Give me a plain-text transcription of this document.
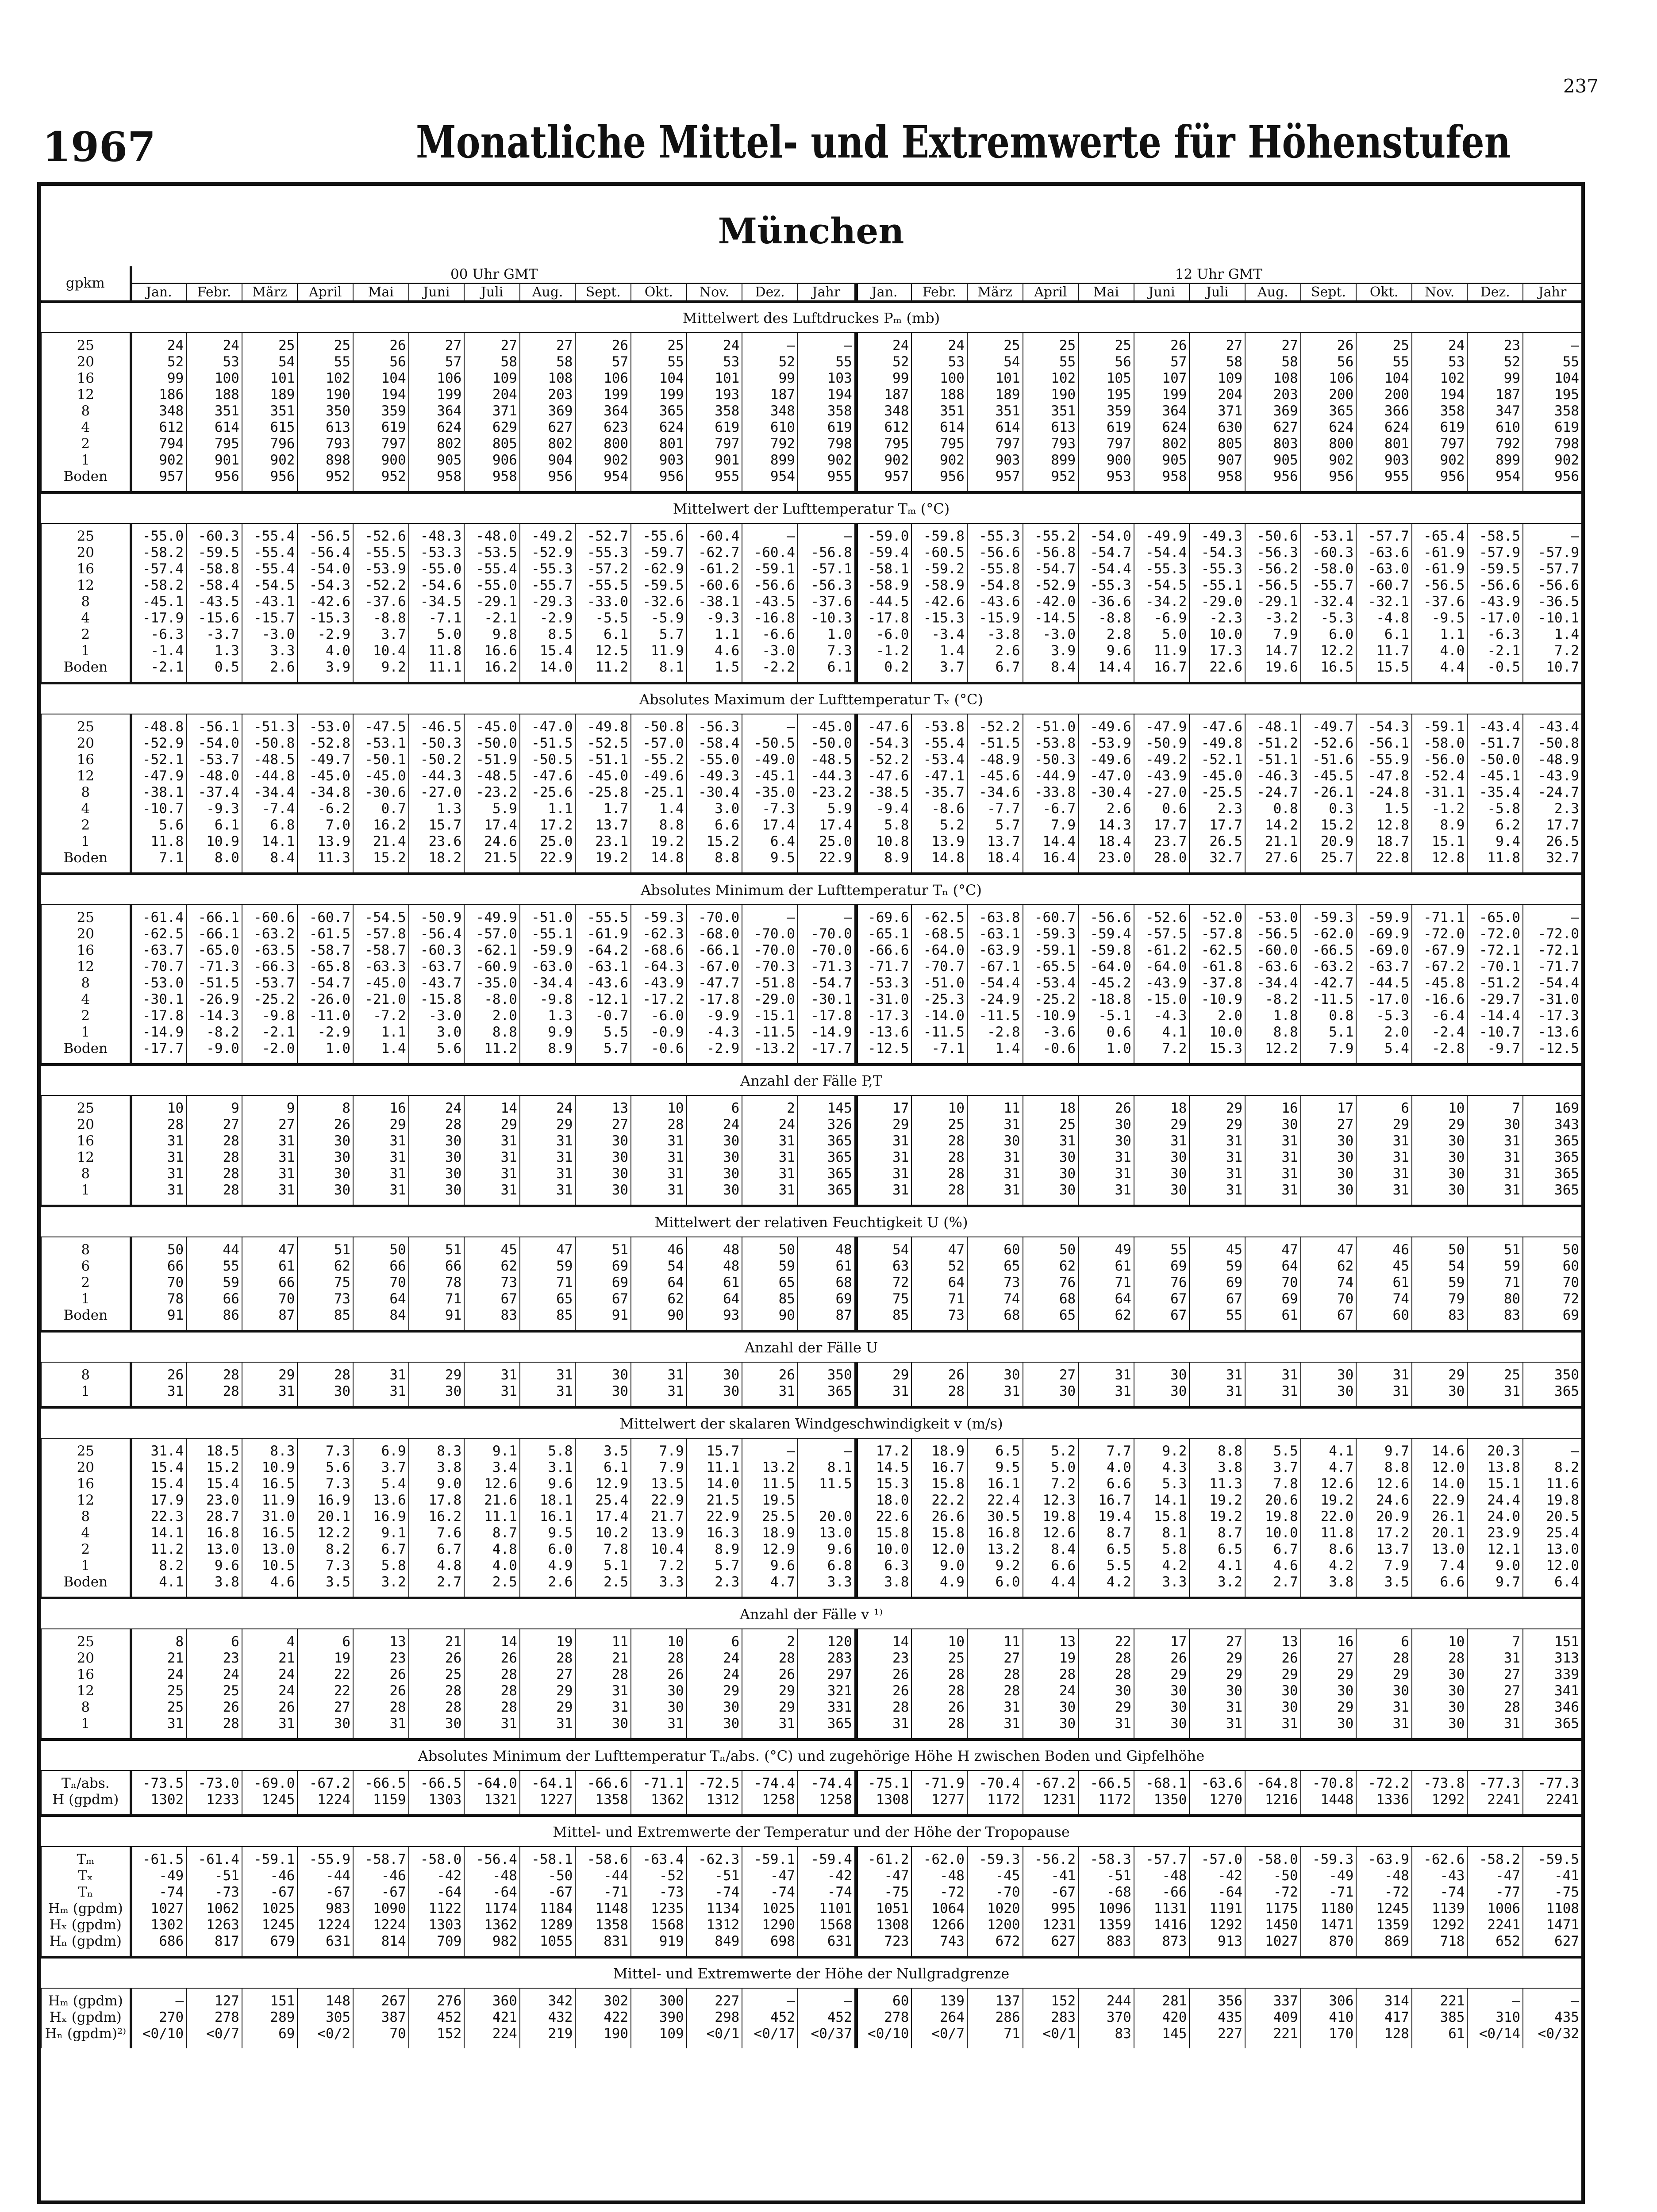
237
1967	Monatliche Mittel- und Extremwerte für Höhenstufen
München
gpkm	00 Uhr GMT													12 Uhr GMT												
	Jan.	Febr.	März	April	Mai	Juni	Juli	Aug.	Sept.	Okt.	Nov.	Dez.	Jahr	Jan.	Febr.	März	April	Mai	Juni	Juli	Aug.	Sept.	Okt.	Nov.	Dez.	Jahr
Mittelwert des Luftdruckes Pₘ (mb)																										
25	24	24	25	25	26	27	27	27	26	25	24	–	–	24	24	25	25	25	26	27	27	26	25	24	23	–
20	52	53	54	55	56	57	58	58	57	55	53	52	55	52	53	54	55	56	57	58	58	56	55	53	52	55
16	99	100	101	102	104	106	109	108	106	104	101	99	103	99	100	101	102	105	107	109	108	106	104	102	99	104
12	186	188	189	190	194	199	204	203	199	199	193	187	194	187	188	189	190	195	199	204	203	200	200	194	187	195
8	348	351	351	350	359	364	371	369	364	365	358	348	358	348	351	351	351	359	364	371	369	365	366	358	347	358
4	612	614	615	613	619	624	629	627	623	624	619	610	619	612	614	614	613	619	624	630	627	624	624	619	610	619
2	794	795	796	793	797	802	805	802	800	801	797	792	798	795	795	797	793	797	802	805	803	800	801	797	792	798
1	902	901	902	898	900	905	906	904	902	903	901	899	902	902	902	903	899	900	905	907	905	902	903	902	899	902
Boden	957	956	956	952	952	958	958	956	954	956	955	954	955	957	956	957	952	953	958	958	956	956	955	956	954	956
Mittelwert der Lufttemperatur Tₘ (°C)																										
25	-55.0	-60.3	-55.4	-56.5	-52.6	-48.3	-48.0	-49.2	-52.7	-55.6	-60.4	–	–	-59.0	-59.8	-55.3	-55.2	-54.0	-49.9	-49.3	-50.6	-53.1	-57.7	-65.4	-58.5	–
20	-58.2	-59.5	-55.4	-56.4	-55.5	-53.3	-53.5	-52.9	-55.3	-59.7	-62.7	-60.4	-56.8	-59.4	-60.5	-56.6	-56.8	-54.7	-54.4	-54.3	-56.3	-60.3	-63.6	-61.9	-57.9	-57.9
16	-57.4	-58.8	-55.4	-54.0	-53.9	-55.0	-55.4	-55.3	-57.2	-62.9	-61.2	-59.1	-57.1	-58.1	-59.2	-55.8	-54.7	-54.4	-55.3	-55.3	-56.2	-58.0	-63.0	-61.9	-59.5	-57.7
12	-58.2	-58.4	-54.5	-54.3	-52.2	-54.6	-55.0	-55.7	-55.5	-59.5	-60.6	-56.6	-56.3	-58.9	-58.9	-54.8	-52.9	-55.3	-54.5	-55.1	-56.5	-55.7	-60.7	-56.5	-56.6	-56.6
8	-45.1	-43.5	-43.1	-42.6	-37.6	-34.5	-29.1	-29.3	-33.0	-32.6	-38.1	-43.5	-37.6	-44.5	-42.6	-43.6	-42.0	-36.6	-34.2	-29.0	-29.1	-32.4	-32.1	-37.6	-43.9	-36.5
4	-17.9	-15.6	-15.7	-15.3	-8.8	-7.1	-2.1	-2.9	-5.5	-5.9	-9.3	-16.8	-10.3	-17.8	-15.3	-15.9	-14.5	-8.8	-6.9	-2.3	-3.2	-5.3	-4.8	-9.5	-17.0	-10.1
2	-6.3	-3.7	-3.0	-2.9	3.7	5.0	9.8	8.5	6.1	5.7	1.1	-6.6	1.0	-6.0	-3.4	-3.8	-3.0	2.8	5.0	10.0	7.9	6.0	6.1	1.1	-6.3	1.4
1	-1.4	1.3	3.3	4.0	10.4	11.8	16.6	15.4	12.5	11.9	4.6	-3.0	7.3	-1.2	1.4	2.6	3.9	9.6	11.9	17.3	14.7	12.2	11.7	4.0	-2.1	7.2
Boden	-2.1	0.5	2.6	3.9	9.2	11.1	16.2	14.0	11.2	8.1	1.5	-2.2	6.1	0.2	3.7	6.7	8.4	14.4	16.7	22.6	19.6	16.5	15.5	4.4	-0.5	10.7
Absolutes Maximum der Lufttemperatur Tₓ (°C)																										
25	-48.8	-56.1	-51.3	-53.0	-47.5	-46.5	-45.0	-47.0	-49.8	-50.8	-56.3	–	-45.0	-47.6	-53.8	-52.2	-51.0	-49.6	-47.9	-47.6	-48.1	-49.7	-54.3	-59.1	-43.4	-43.4
20	-52.9	-54.0	-50.8	-52.8	-53.1	-50.3	-50.0	-51.5	-52.5	-57.0	-58.4	-50.5	-50.0	-54.3	-55.4	-51.5	-53.8	-53.9	-50.9	-49.8	-51.2	-52.6	-56.1	-58.0	-51.7	-50.8
16	-52.1	-53.7	-48.5	-49.7	-50.1	-50.2	-51.9	-50.5	-51.1	-55.2	-55.0	-49.0	-48.5	-52.2	-53.4	-48.9	-50.3	-49.6	-49.2	-52.1	-51.1	-51.6	-55.9	-56.0	-50.0	-48.9
12	-47.9	-48.0	-44.8	-45.0	-45.0	-44.3	-48.5	-47.6	-45.0	-49.6	-49.3	-45.1	-44.3	-47.6	-47.1	-45.6	-44.9	-47.0	-43.9	-45.0	-46.3	-45.5	-47.8	-52.4	-45.1	-43.9
8	-38.1	-37.4	-34.4	-34.8	-30.6	-27.0	-23.2	-25.6	-25.8	-25.1	-30.4	-35.0	-23.2	-38.5	-35.7	-34.6	-33.8	-30.4	-27.0	-25.5	-24.7	-26.1	-24.8	-31.1	-35.4	-24.7
4	-10.7	-9.3	-7.4	-6.2	0.7	1.3	5.9	1.1	1.7	1.4	3.0	-7.3	5.9	-9.4	-8.6	-7.7	-6.7	2.6	0.6	2.3	0.8	0.3	1.5	-1.2	-5.8	2.3
2	5.6	6.1	6.8	7.0	16.2	15.7	17.4	17.2	13.7	8.8	6.6	17.4	17.4	5.8	5.2	5.7	7.9	14.3	17.7	17.7	14.2	15.2	12.8	8.9	6.2	17.7
1	11.8	10.9	14.1	13.9	21.4	23.6	24.6	25.0	23.1	19.2	15.2	6.4	25.0	10.8	13.9	13.7	14.4	18.4	23.7	26.5	21.1	20.9	18.7	15.1	9.4	26.5
Boden	7.1	8.0	8.4	11.3	15.2	18.2	21.5	22.9	19.2	14.8	8.8	9.5	22.9	8.9	14.8	18.4	16.4	23.0	28.0	32.7	27.6	25.7	22.8	12.8	11.8	32.7
Absolutes Minimum der Lufttemperatur Tₙ (°C)																										
25	-61.4	-66.1	-60.6	-60.7	-54.5	-50.9	-49.9	-51.0	-55.5	-59.3	-70.0	–	–	-69.6	-62.5	-63.8	-60.7	-56.6	-52.6	-52.0	-53.0	-59.3	-59.9	-71.1	-65.0	–
20	-62.5	-66.1	-63.2	-61.5	-57.8	-56.4	-57.0	-55.1	-61.9	-62.3	-68.0	-70.0	-70.0	-65.1	-68.5	-63.1	-59.3	-59.4	-57.5	-57.8	-56.5	-62.0	-69.9	-72.0	-72.0	-72.0
16	-63.7	-65.0	-63.5	-58.7	-58.7	-60.3	-62.1	-59.9	-64.2	-68.6	-66.1	-70.0	-70.0	-66.6	-64.0	-63.9	-59.1	-59.8	-61.2	-62.5	-60.0	-66.5	-69.0	-67.9	-72.1	-72.1
12	-70.7	-71.3	-66.3	-65.8	-63.3	-63.7	-60.9	-63.0	-63.1	-64.3	-67.0	-70.3	-71.3	-71.7	-70.7	-67.1	-65.5	-64.0	-64.0	-61.8	-63.6	-63.2	-63.7	-67.2	-70.1	-71.7
8	-53.0	-51.5	-53.7	-54.7	-45.0	-43.7	-35.0	-34.4	-43.6	-43.9	-47.7	-51.8	-54.7	-53.3	-51.0	-54.4	-53.4	-45.2	-43.9	-37.8	-34.4	-42.7	-44.5	-45.8	-51.2	-54.4
4	-30.1	-26.9	-25.2	-26.0	-21.0	-15.8	-8.0	-9.8	-12.1	-17.2	-17.8	-29.0	-30.1	-31.0	-25.3	-24.9	-25.2	-18.8	-15.0	-10.9	-8.2	-11.5	-17.0	-16.6	-29.7	-31.0
2	-17.8	-14.3	-9.8	-11.0	-7.2	-3.0	2.0	1.3	-0.7	-6.0	-9.9	-15.1	-17.8	-17.3	-14.0	-11.5	-10.9	-5.1	-4.3	2.0	1.8	0.8	-5.3	-6.4	-14.4	-17.3
1	-14.9	-8.2	-2.1	-2.9	1.1	3.0	8.8	9.9	5.5	-0.9	-4.3	-11.5	-14.9	-13.6	-11.5	-2.8	-3.6	0.6	4.1	10.0	8.8	5.1	2.0	-2.4	-10.7	-13.6
Boden	-17.7	-9.0	-2.0	1.0	1.4	5.6	11.2	8.9	5.7	-0.6	-2.9	-13.2	-17.7	-12.5	-7.1	1.4	-0.6	1.0	7.2	15.3	12.2	7.9	5.4	-2.8	-9.7	-12.5
Anzahl der Fälle P,T																										
25	10	9	9	8	16	24	14	24	13	10	6	2	145	17	10	11	18	26	18	29	16	17	6	10	7	169
20	28	27	27	26	29	28	29	29	27	28	24	24	326	29	25	31	25	30	29	29	30	27	29	29	30	343
16	31	28	31	30	31	30	31	31	30	31	30	31	365	31	28	30	31	30	31	31	31	30	31	30	31	365
12	31	28	31	30	31	30	31	31	30	31	30	31	365	31	28	31	30	31	30	31	31	30	31	30	31	365
8	31	28	31	30	31	30	31	31	30	31	30	31	365	31	28	31	30	31	30	31	31	30	31	30	31	365
1	31	28	31	30	31	30	31	31	30	31	30	31	365	31	28	31	30	31	30	31	31	30	31	30	31	365
Mittelwert der relativen Feuchtigkeit U (%)																										
8	50	44	47	51	50	51	45	47	51	46	48	50	48	54	47	60	50	49	55	45	47	47	46	50	51	50
6	66	55	61	62	66	66	62	59	69	54	48	59	61	63	52	65	62	61	69	59	64	62	45	54	59	60
2	70	59	66	75	70	78	73	71	69	64	61	65	68	72	64	73	76	71	76	69	70	74	61	59	71	70
1	78	66	70	73	64	71	67	65	67	62	64	85	69	75	71	74	68	64	67	67	69	70	74	79	80	72
Boden	91	86	87	85	84	91	83	85	91	90	93	90	87	85	73	68	65	62	67	55	61	67	60	83	83	69
Anzahl der Fälle U																										
8	26	28	29	28	31	29	31	31	30	31	30	26	350	29	26	30	27	31	30	31	31	30	31	29	25	350
1	31	28	31	30	31	30	31	31	30	31	30	31	365	31	28	31	30	31	30	31	31	30	31	30	31	365
Mittelwert der skalaren Windgeschwindigkeit v (m/s)																										
25	31.4	18.5	8.3	7.3	6.9	8.3	9.1	5.8	3.5	7.9	15.7	–	–	17.2	18.9	6.5	5.2	7.7	9.2	8.8	5.5	4.1	9.7	14.6	20.3	–
20	15.4	15.2	10.9	5.6	3.7	3.8	3.4	3.1	6.1	7.9	11.1	13.2	8.1	14.5	16.7	9.5	5.0	4.0	4.3	3.8	3.7	4.7	8.8	12.0	13.8	8.2
16	15.4	15.4	16.5	7.3	5.4	9.0	12.6	9.6	12.9	13.5	14.0	11.5	11.5	15.3	15.8	16.1	7.2	6.6	5.3	11.3	7.8	12.6	12.6	14.0	15.1	11.6
12	17.9	23.0	11.9	16.9	13.6	17.8	21.6	18.1	25.4	22.9	21.5	19.5		18.0	22.2	22.4	12.3	16.7	14.1	19.2	20.6	19.2	24.6	22.9	24.4	19.8
8	22.3	28.7	31.0	20.1	16.9	16.2	11.1	16.1	17.4	21.7	22.9	25.5	20.0	22.6	26.6	30.5	19.8	19.4	15.8	19.2	19.8	22.0	20.9	26.1	24.0	20.5
4	14.1	16.8	16.5	12.2	9.1	7.6	8.7	9.5	10.2	13.9	16.3	18.9	13.0	15.8	15.8	16.8	12.6	8.7	8.1	8.7	10.0	11.8	17.2	20.1	23.9	25.4
2	11.2	13.0	13.0	8.2	6.7	6.7	4.8	6.0	7.8	10.4	8.9	12.9	9.6	10.0	12.0	13.2	8.4	6.5	5.8	6.5	6.7	8.6	13.7	13.0	12.1	13.0
1	8.2	9.6	10.5	7.3	5.8	4.8	4.0	4.9	5.1	7.2	5.7	9.6	6.8	6.3	9.0	9.2	6.6	5.5	4.2	4.1	4.6	4.2	7.9	7.4	9.0	12.0
Boden	4.1	3.8	4.6	3.5	3.2	2.7	2.5	2.6	2.5	3.3	2.3	4.7	3.3	3.8	4.9	6.0	4.4	4.2	3.3	3.2	2.7	3.8	3.5	6.6	9.7	6.4
Anzahl der Fälle v ¹⁾																										
25	8	6	4	6	13	21	14	19	11	10	6	2	120	14	10	11	13	22	17	27	13	16	6	10	7	151
20	21	23	21	19	23	26	26	28	21	28	24	28	283	23	25	27	19	28	26	29	26	27	28	28	31	313
16	24	24	24	22	26	25	28	27	28	26	24	26	297	26	28	28	28	28	29	29	29	29	29	30	27	339
12	25	25	24	22	26	28	28	29	31	30	29	29	321	26	28	28	24	30	30	30	30	30	30	30	27	341
8	25	26	26	27	28	28	28	29	31	30	30	29	331	28	26	31	30	29	30	31	30	29	31	30	28	346
1	31	28	31	30	31	30	31	31	30	31	30	31	365	31	28	31	30	31	30	31	31	30	31	30	31	365
Absolutes Minimum der Lufttemperatur Tₙ/abs. (°C) und zugehörige Höhe H zwischen Boden und Gipfelhöhe																										
Tₙ/abs.	-73.5	-73.0	-69.0	-67.2	-66.5	-66.5	-64.0	-64.1	-66.6	-71.1	-72.5	-74.4	-74.4	-75.1	-71.9	-70.4	-67.2	-66.5	-68.1	-63.6	-64.8	-70.8	-72.2	-73.8	-77.3	-77.3
H (gpdm)	1302	1233	1245	1224	1159	1303	1321	1227	1358	1362	1312	1258	1258	1308	1277	1172	1231	1172	1350	1270	1216	1448	1336	1292	2241	2241
Mittel- und Extremwerte der Temperatur und der Höhe der Tropopause																										
Tₘ	-61.5	-61.4	-59.1	-55.9	-58.7	-58.0	-56.4	-58.1	-58.6	-63.4	-62.3	-59.1	-59.4	-61.2	-62.0	-59.3	-56.2	-58.3	-57.7	-57.0	-58.0	-59.3	-63.9	-62.6	-58.2	-59.5
Tₓ	-49	-51	-46	-44	-46	-42	-48	-50	-44	-52	-51	-47	-42	-47	-48	-45	-41	-51	-48	-42	-50	-49	-48	-43	-47	-41
Tₙ	-74	-73	-67	-67	-67	-64	-64	-67	-71	-73	-74	-74	-74	-75	-72	-70	-67	-68	-66	-64	-72	-71	-72	-74	-77	-75
Hₘ (gpdm)	1027	1062	1025	983	1090	1122	1174	1184	1148	1235	1134	1025	1101	1051	1064	1020	995	1096	1131	1191	1175	1180	1245	1139	1006	1108
Hₓ (gpdm)	1302	1263	1245	1224	1224	1303	1362	1289	1358	1568	1312	1290	1568	1308	1266	1200	1231	1359	1416	1292	1450	1471	1359	1292	2241	1471
Hₙ (gpdm)	686	817	679	631	814	709	982	1055	831	919	849	698	631	723	743	672	627	883	873	913	1027	870	869	718	652	627
Mittel- und Extremwerte der Höhe der Nullgradgrenze																										
Hₘ (gpdm)	–	127	151	148	267	276	360	342	302	300	227	–	–	60	139	137	152	244	281	356	337	306	314	221	–	–
Hₓ (gpdm)	270	278	289	305	387	452	421	432	422	390	298	452	452	278	264	286	283	370	420	435	409	410	417	385	310	435
Hₙ (gpdm)²⁾	<0/10	<0/7	69	<0/2	70	152	224	219	190	109	<0/1	<0/17	<0/37	<0/10	<0/7	71	<0/1	83	145	227	221	170	128	61	<0/14	<0/32
